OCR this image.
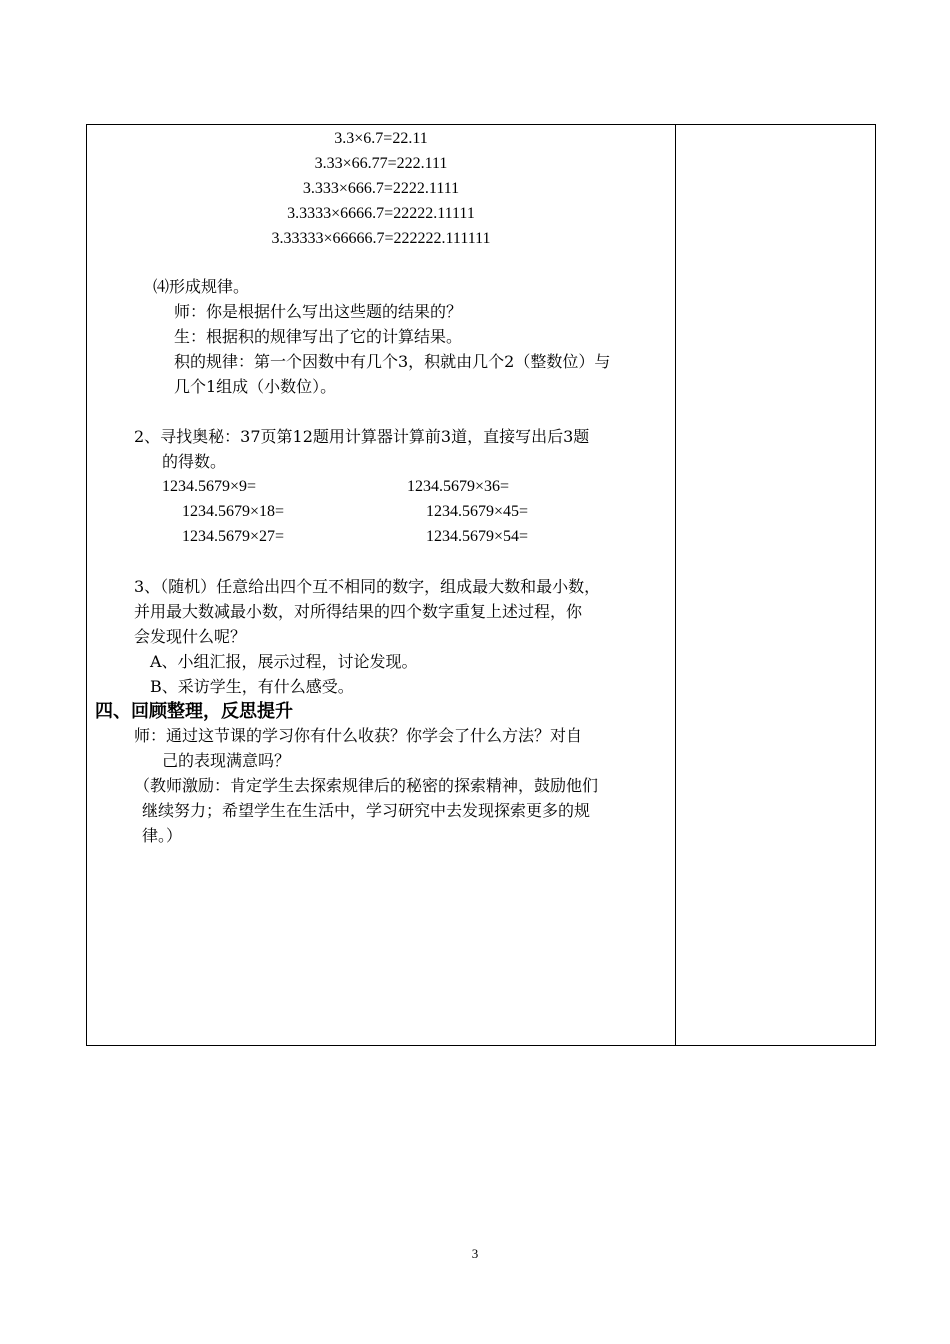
3.3×6.7=22.11
3.33×66.77=222.111
3.333×666.7=2222.1111
3.3333×6666.7=22222.11111
3.33333×66666.7=222222.111111
⑷形成规律。
师：你是根据什么写出这些题的结果的？
生：根据积的规律写出了它的计算结果。
积的规律：第一个因数中有几个3，积就由几个2（整数位）与
几个1组成（小数位）。
2、寻找奥秘：37页第12题用计算器计算前3道，直接写出后3题
的得数。
1234.5679×9=	1234.5679×36=
1234.5679×18=	1234.5679×45=
1234.5679×27=	1234.5679×54=
3、（随机）任意给出四个互不相同的数字，组成最大数和最小数，
并用最大数减最小数，对所得结果的四个数字重复上述过程，你
会发现什么呢？
A、小组汇报，展示过程，讨论发现。
B、采访学生，有什么感受。
四、回顾整理，反思提升
师：通过这节课的学习你有什么收获？你学会了什么方法？对自
己的表现满意吗？
（教师激励：肯定学生去探索规律后的秘密的探索精神，鼓励他们
继续努力；希望学生在生活中，学习研究中去发现探索更多的规
律。）
3
